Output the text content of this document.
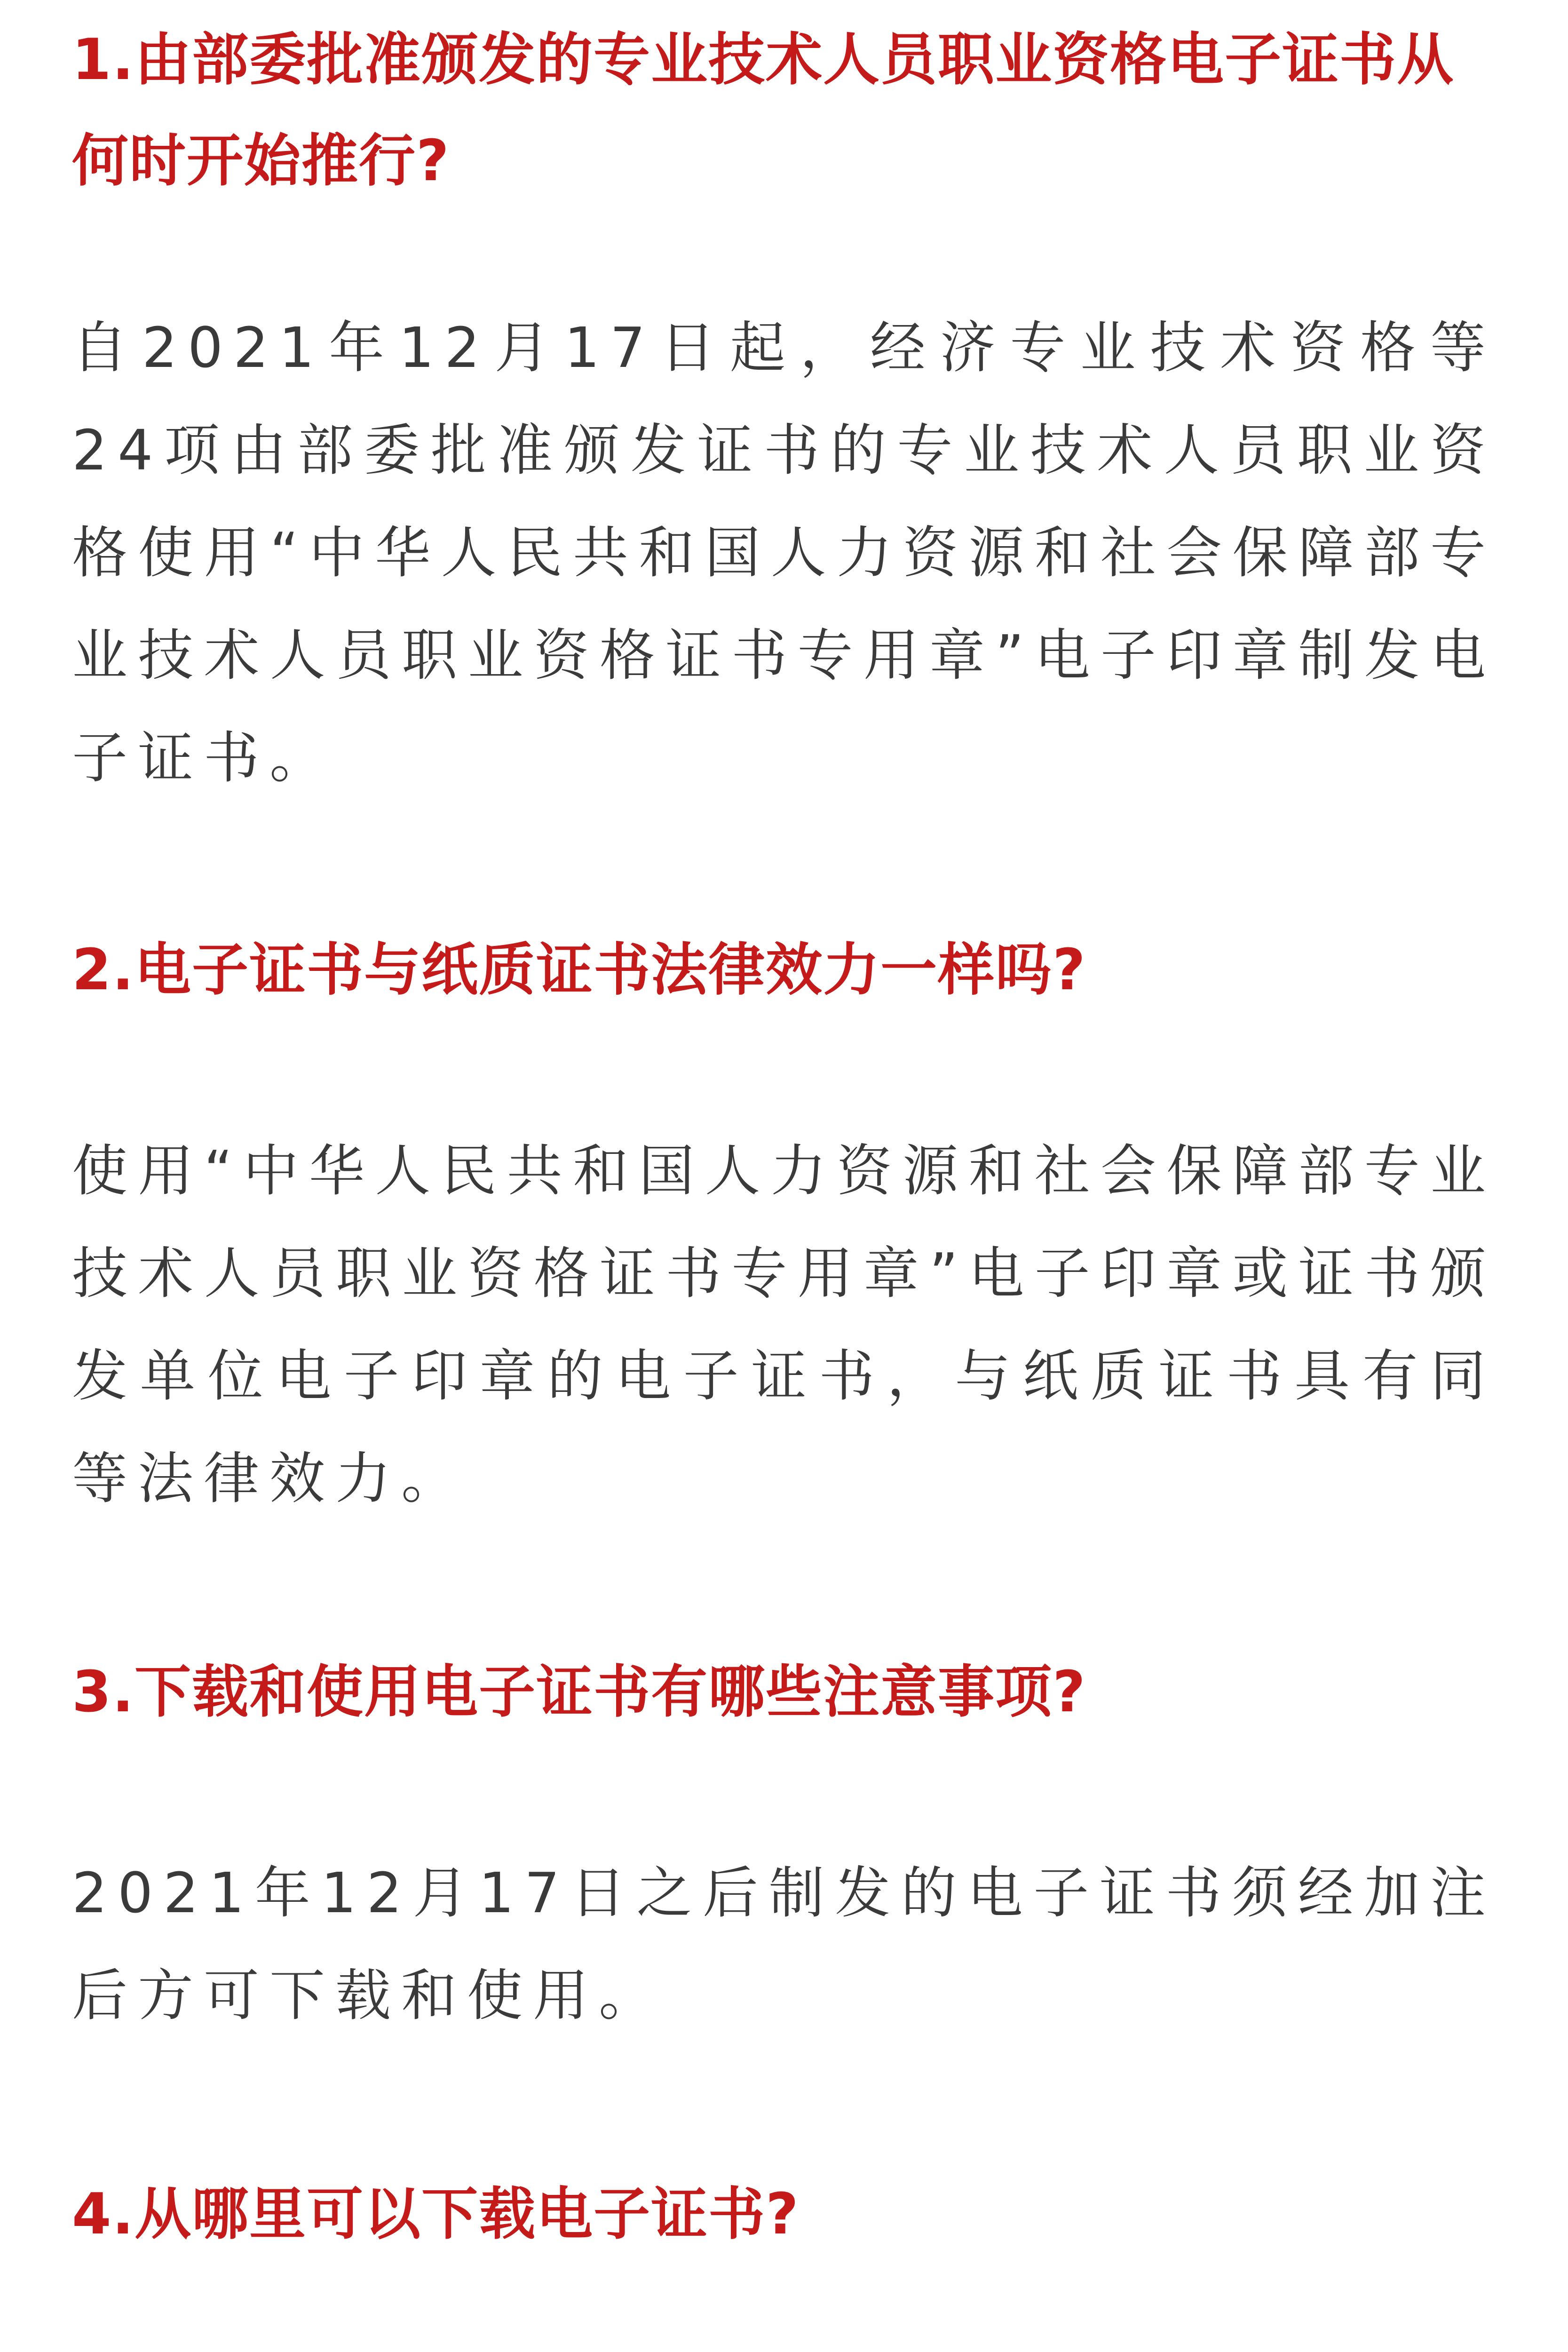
1.由部委批准颁发的专业技术人员职业资格电子证书从何时开始推行?

自2021年12月17日起，经济专业技术资格等24项由部委批准颁发证书的专业技术人员职业资格使用“中华人民共和国人力资源和社会保障部专业技术人员职业资格证书专用章”电子印章制发电子证书。

2.电子证书与纸质证书法律效力一样吗?

使用“中华人民共和国人力资源和社会保障部专业技术人员职业资格证书专用章”电子印章或证书颁发单位电子印章的电子证书，与纸质证书具有同等法律效力。

3.下载和使用电子证书有哪些注意事项?

2021年12月17日之后制发的电子证书须经加注后方可下载和使用。

4.从哪里可以下载电子证书?
